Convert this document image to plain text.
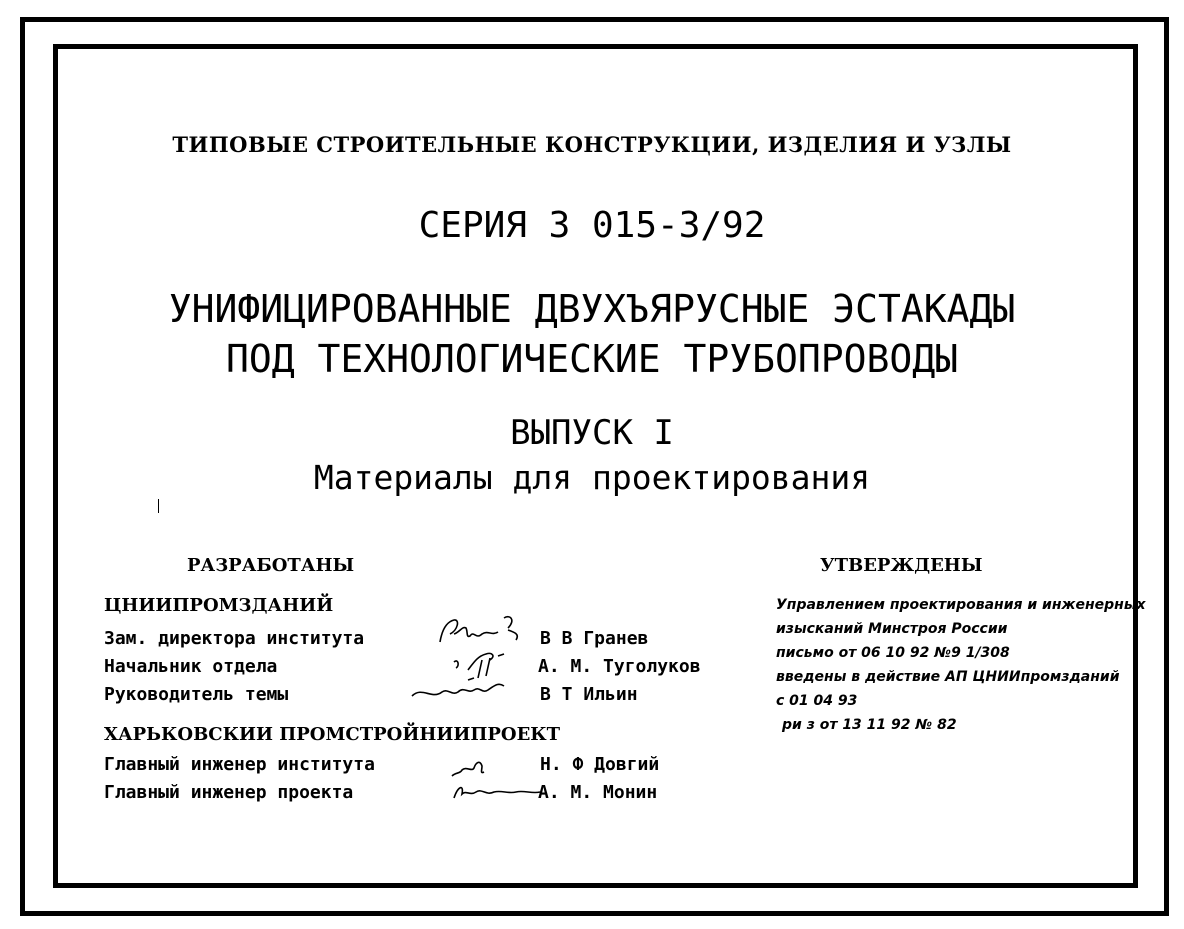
ТИПОВЫЕ СТРОИТЕЛЬНЫЕ КОНСТРУКЦИИ, ИЗДЕЛИЯ И УЗЛЫ
СЕРИЯ 3 015-3/92
УНИФИЦИРОВАННЫЕ ДВУХЪЯРУСНЫЕ ЭСТАКАДЫ
ПОД ТЕХНОЛОГИЧЕСКИЕ ТРУБОПРОВОДЫ
ВЫПУСК I
Материалы для проектирования
РАЗРАБОТАНЫ
ЦНИИПРОМЗДАНИЙ
Зам. директора института	В В Гранев
Начальник отдела	А. М. Туголуков
Руководитель темы	В Т Ильин
ХАРЬКОВСКИИ ПРОМСТРОЙНИИПРОЕКТ
Главный инженер института	Н. Ф Довгий
Главный инженер проекта	А. М. Монин
УТВЕРЖДЕНЫ
Управлением проектирования и инженерных
изысканий Минстроя России
письмо от 06 10 92 №9 1/308
введены в действие АП ЦНИИпромзданий
с 01 04 93
ри з от 13 11 92 № 82
